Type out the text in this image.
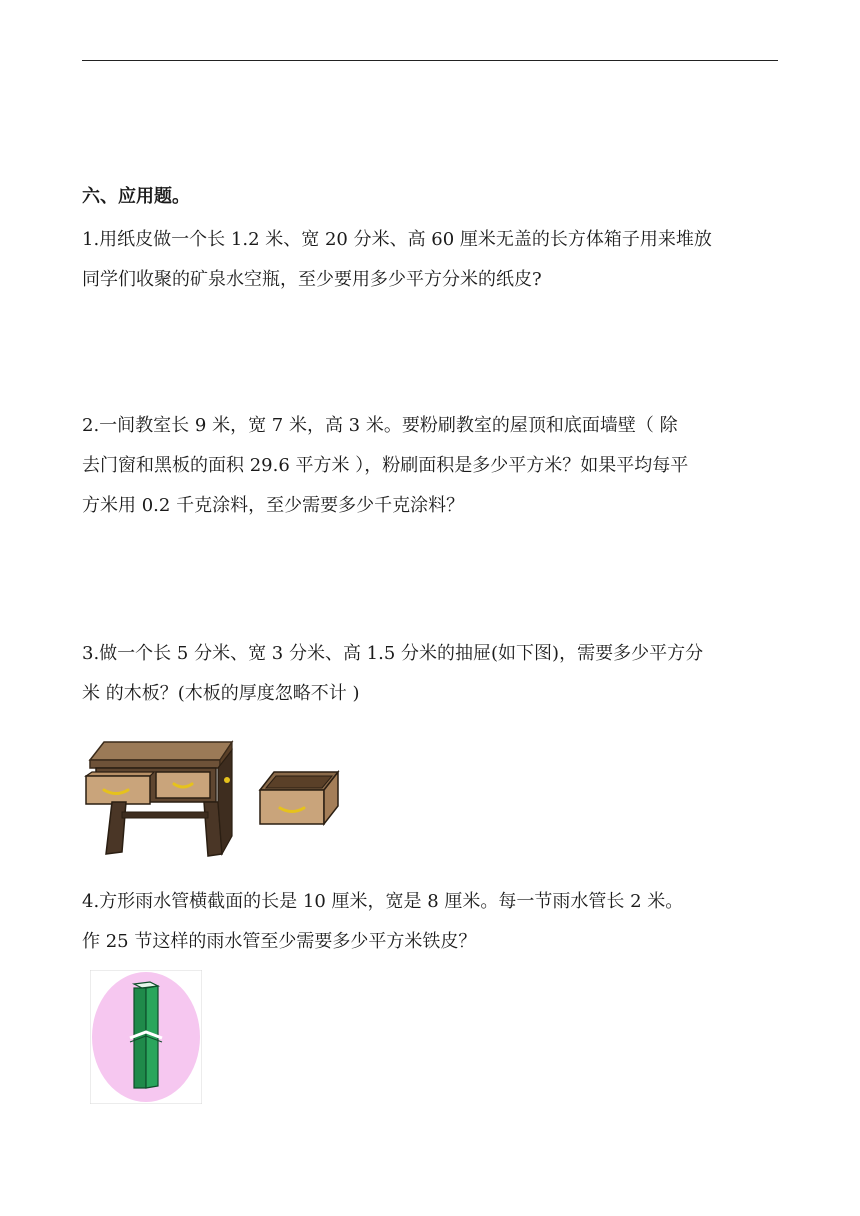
六、应用题。
1.用纸皮做一个长 1.2 米、宽 20 分米、高 60 厘米无盖的长方体箱子用来堆放
同学们收聚的矿泉水空瓶，至少要用多少平方分米的纸皮?
2.一间教室长 9 米，宽 7 米，高 3 米。要粉刷教室的屋顶和底面墙壁（ 除
去门窗和黑板的面积 29.6 平方米 ），粉刷面积是多少平方米？如果平均每平
方米用 0.2 千克涂料，至少需要多少千克涂料？
3.做一个长 5 分米、宽 3 分米、高 1.5 分米的抽屉(如下图)，需要多少平方分
米 的木板？(木板的厚度忽略不计 )
4.方形雨水管横截面的长是 10 厘米，宽是 8 厘米。每一节雨水管长 2 米。
作 25 节这样的雨水管至少需要多少平方米铁皮？
